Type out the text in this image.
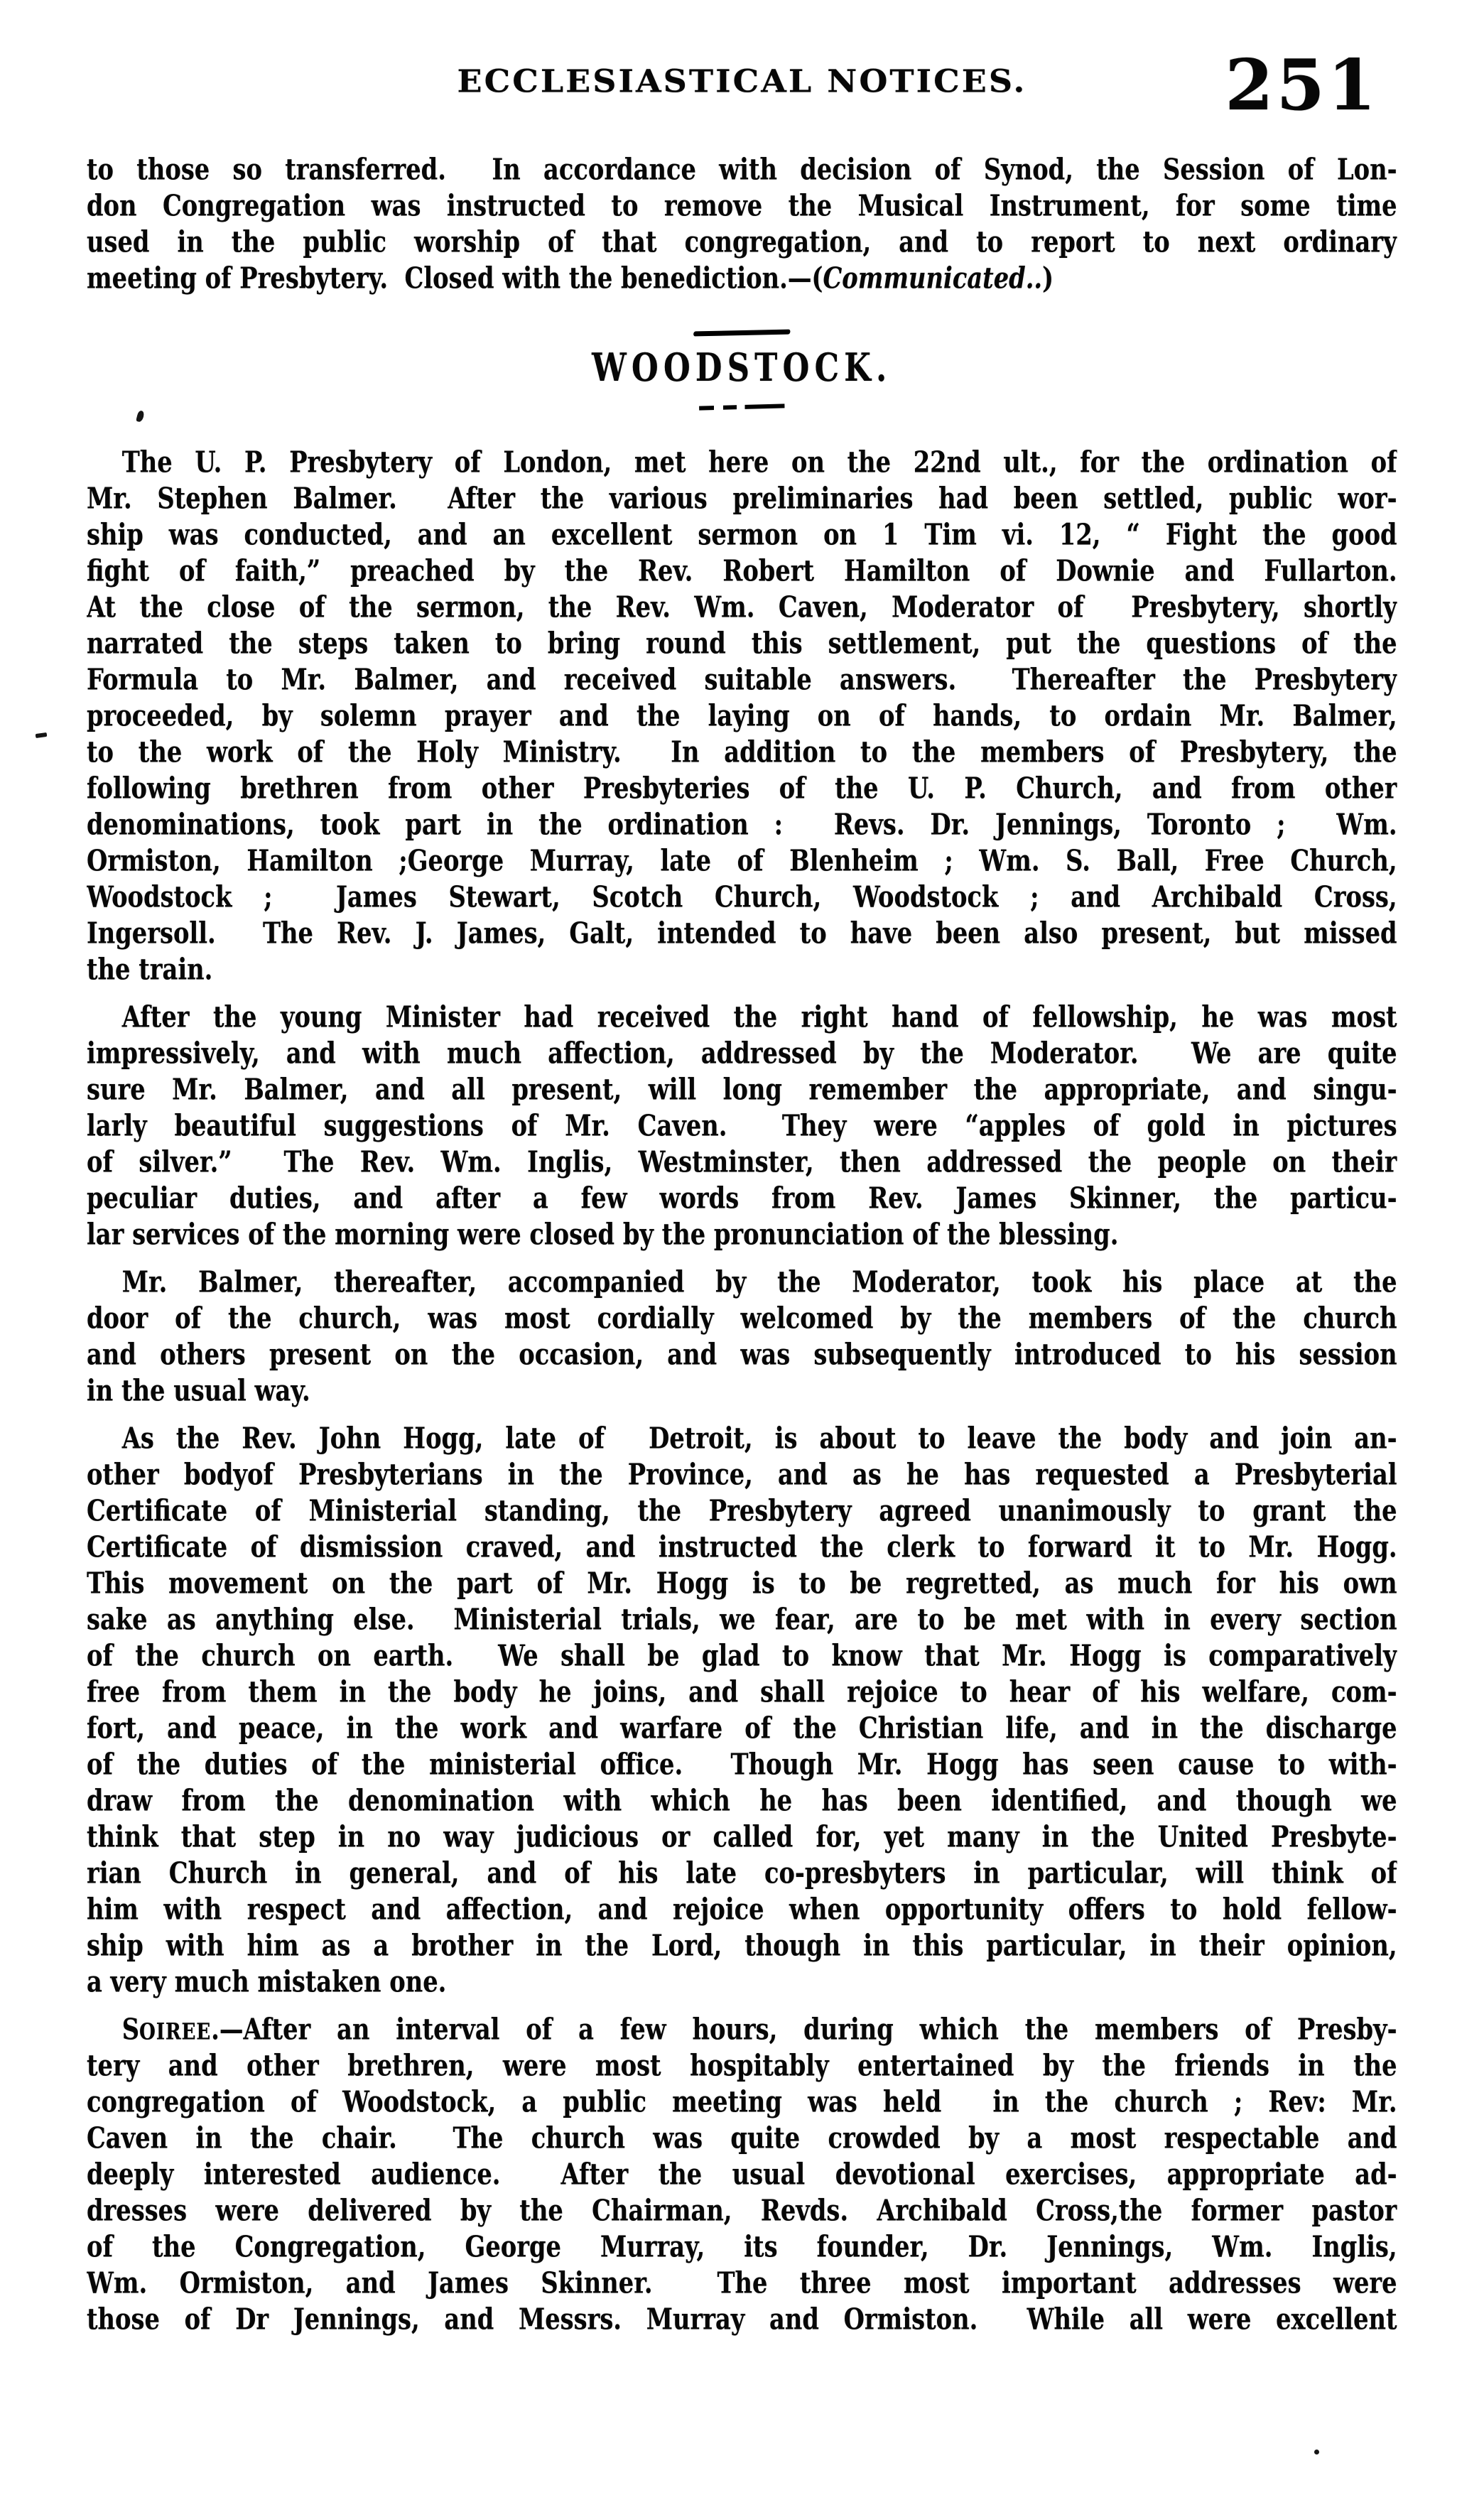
ECCLESIASTICAL NOTICES.	251
to those so transferred.  In accordance with decision of Synod, the Session of Lon-
don Congregation was instructed to remove the Musical Instrument, for some time
used in the public worship of that congregation, and to report to next ordinary
meeting of Presbytery.  Closed with the benediction.—(Communicated..)
WOODSTOCK.
The U. P. Presbytery of London, met here on the 22nd ult., for the ordination of
Mr. Stephen Balmer.  After the various preliminaries had been settled, public wor-
ship was conducted, and an excellent sermon on 1 Tim vi. 12, “ Fight the good
fight of faith,” preached by the Rev. Robert Hamilton of Downie and Fullarton.
At the close of the sermon, the Rev. Wm. Caven, Moderator of  Presbytery, shortly
narrated the steps taken to bring round this settlement, put the questions of the
Formula to Mr. Balmer, and received suitable answers.  Thereafter the Presbytery
proceeded, by solemn prayer and the laying on of hands, to ordain Mr. Balmer,
to the work of the Holy Ministry.  In addition to the members of Presbytery, the
following brethren from other Presbyteries of the U. P. Church, and from other
denominations, took part in the ordination :  Revs. Dr. Jennings, Toronto ;  Wm.
Ormiston, Hamilton ;George Murray, late of Blenheim ; Wm. S. Ball, Free Church,
Woodstock ;  James Stewart, Scotch Church, Woodstock ; and Archibald Cross,
Ingersoll.  The Rev. J. James, Galt, intended to have been also present, but missed
the train.
After the young Minister had received the right hand of fellowship, he was most
impressively, and with much affection, addressed by the Moderator.  We are quite
sure Mr. Balmer, and all present, will long remember the appropriate, and singu-
larly beautiful suggestions of Mr. Caven.  They were “apples of gold in pictures
of silver.”  The Rev. Wm. Inglis, Westminster, then addressed the people on their
peculiar duties, and after a few words from Rev. James Skinner, the particu-
lar services of the morning were closed by the pronunciation of the blessing.
Mr. Balmer, thereafter, accompanied by the Moderator, took his place at the
door of the church, was most cordially welcomed by the members of the church
and others present on the occasion, and was subsequently introduced to his session
in the usual way.
As the Rev. John Hogg, late of  Detroit, is about to leave the body and join an-
other bodyof Presbyterians in the Province, and as he has requested a Presbyterial
Certificate of Ministerial standing, the Presbytery agreed unanimously to grant the
Certificate of dismission craved, and instructed the clerk to forward it to Mr. Hogg.
This movement on the part of Mr. Hogg is to be regretted, as much for his own
sake as anything else.  Ministerial trials, we fear, are to be met with in every section
of the church on earth.  We shall be glad to know that Mr. Hogg is comparatively
free from them in the body he joins, and shall rejoice to hear of his welfare, com-
fort, and peace, in the work and warfare of the Christian life, and in the discharge
of the duties of the ministerial office.  Though Mr. Hogg has seen cause to with-
draw from the denomination with which he has been identified, and though we
think that step in no way judicious or called for, yet many in the United Presbyte-
rian Church in general, and of his late co-presbyters in particular, will think of
him with respect and affection, and rejoice when opportunity offers to hold fellow-
ship with him as a brother in the Lord, though in this particular, in their opinion,
a very much mistaken one.
SOIREE.—After an interval of a few hours, during which the members of Presby-
tery and other brethren, were most hospitably entertained by the friends in the
congregation of Woodstock, a public meeting was held  in the church ; Rev: Mr.
Caven in the chair.  The church was quite crowded by a most respectable and
deeply interested audience.  After the usual devotional exercises, appropriate ad-
dresses were delivered by the Chairman, Revds. Archibald Cross,the former pastor
of the Congregation, George Murray, its founder, Dr. Jennings, Wm. Inglis,
Wm. Ormiston, and James Skinner.  The three most important addresses were
those of Dr Jennings, and Messrs. Murray and Ormiston.  While all were excellent
